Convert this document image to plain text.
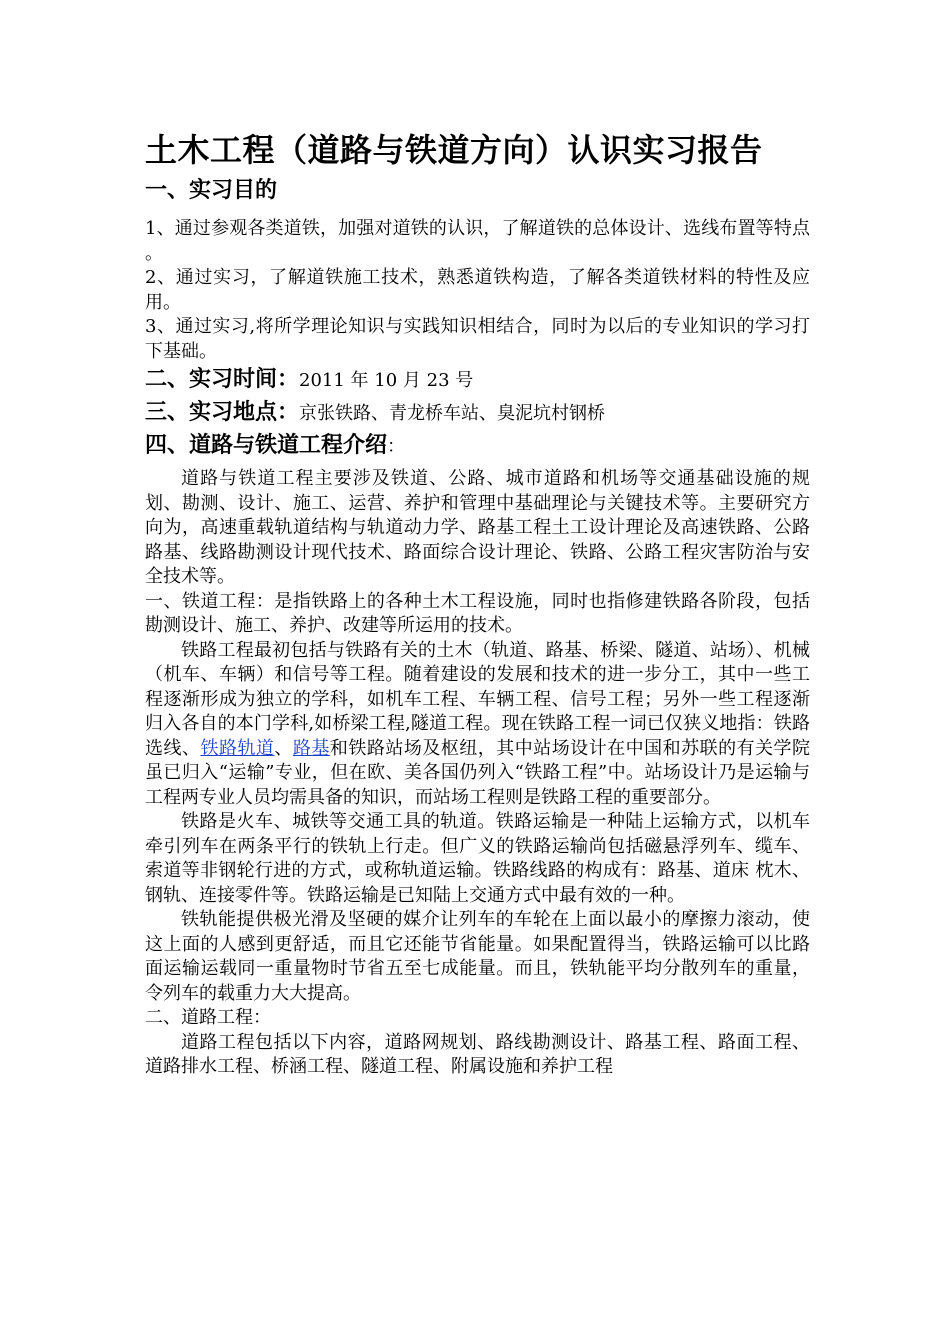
土木工程（道路与铁道方向）认识实习报告
一、实习目的

1、通过参观各类道铁，加强对道铁的认识，了解道铁的总体设计、选线布置等特点 。

2、通过实习，了解道铁施工技术，熟悉道铁构造，了解各类道铁材料的特性及应用。

3、通过实习,将所学理论知识与实践知识相结合，同时为以后的专业知识的学习打下基础。

二、实习时间：2011 年 10 月 23 号
三、实习地点：京张铁路、青龙桥车站、臭泥坑村钢桥
四、道路与铁道工程介绍：

道路与铁道工程主要涉及铁道、公路、城市道路和机场等交通基础设施的规划、勘测、设计、施工、运营、养护和管理中基础理论与关键技术等。主要研究方向为，高速重载轨道结构与轨道动力学、路基工程土工设计理论及高速铁路、公路路基、线路勘测设计现代技术、路面综合设计理论、铁路、公路工程灾害防治与安全技术等。

一、铁道工程：是指铁路上的各种土木工程设施，同时也指修建铁路各阶段，包括勘测设计、施工、养护、改建等所运用的技术。

铁路工程最初包括与铁路有关的土木（轨道、路基、桥梁、隧道、站场）、机械（机车、车辆）和信号等工程。随着建设的发展和技术的进一步分工，其中一些工程逐渐形成为独立的学科，如机车工程、车辆工程、信号工程；另外一些工程逐渐归入各自的本门学科,如桥梁工程,隧道工程。现在铁路工程一词已仅狭义地指：铁路选线、铁路轨道、路基和铁路站场及枢纽，其中站场设计在中国和苏联的有关学院虽已归入“运输”专业，但在欧、美各国仍列入“铁路工程”中。站场设计乃是运输与工程两专业人员均需具备的知识，而站场工程则是铁路工程的重要部分。

铁路是火车、城铁等交通工具的轨道。铁路运输是一种陆上运输方式，以机车牵引列车在两条平行的铁轨上行走。但广义的铁路运输尚包括磁悬浮列车、缆车、索道等非钢轮行进的方式，或称轨道运输。铁路线路的构成有：路基、道床 枕木、钢轨、连接零件等。铁路运输是已知陆上交通方式中最有效的一种。

铁轨能提供极光滑及坚硬的媒介让列车的车轮在上面以最小的摩擦力滚动，使这上面的人感到更舒适，而且它还能节省能量。如果配置得当，铁路运输可以比路面运输运载同一重量物时节省五至七成能量。而且，铁轨能平均分散列车的重量，令列车的载重力大大提高。

二、道路工程：

道路工程包括以下内容，道路网规划、路线勘测设计、路基工程、路面工程、道路排水工程、桥涵工程、隧道工程、附属设施和养护工程
